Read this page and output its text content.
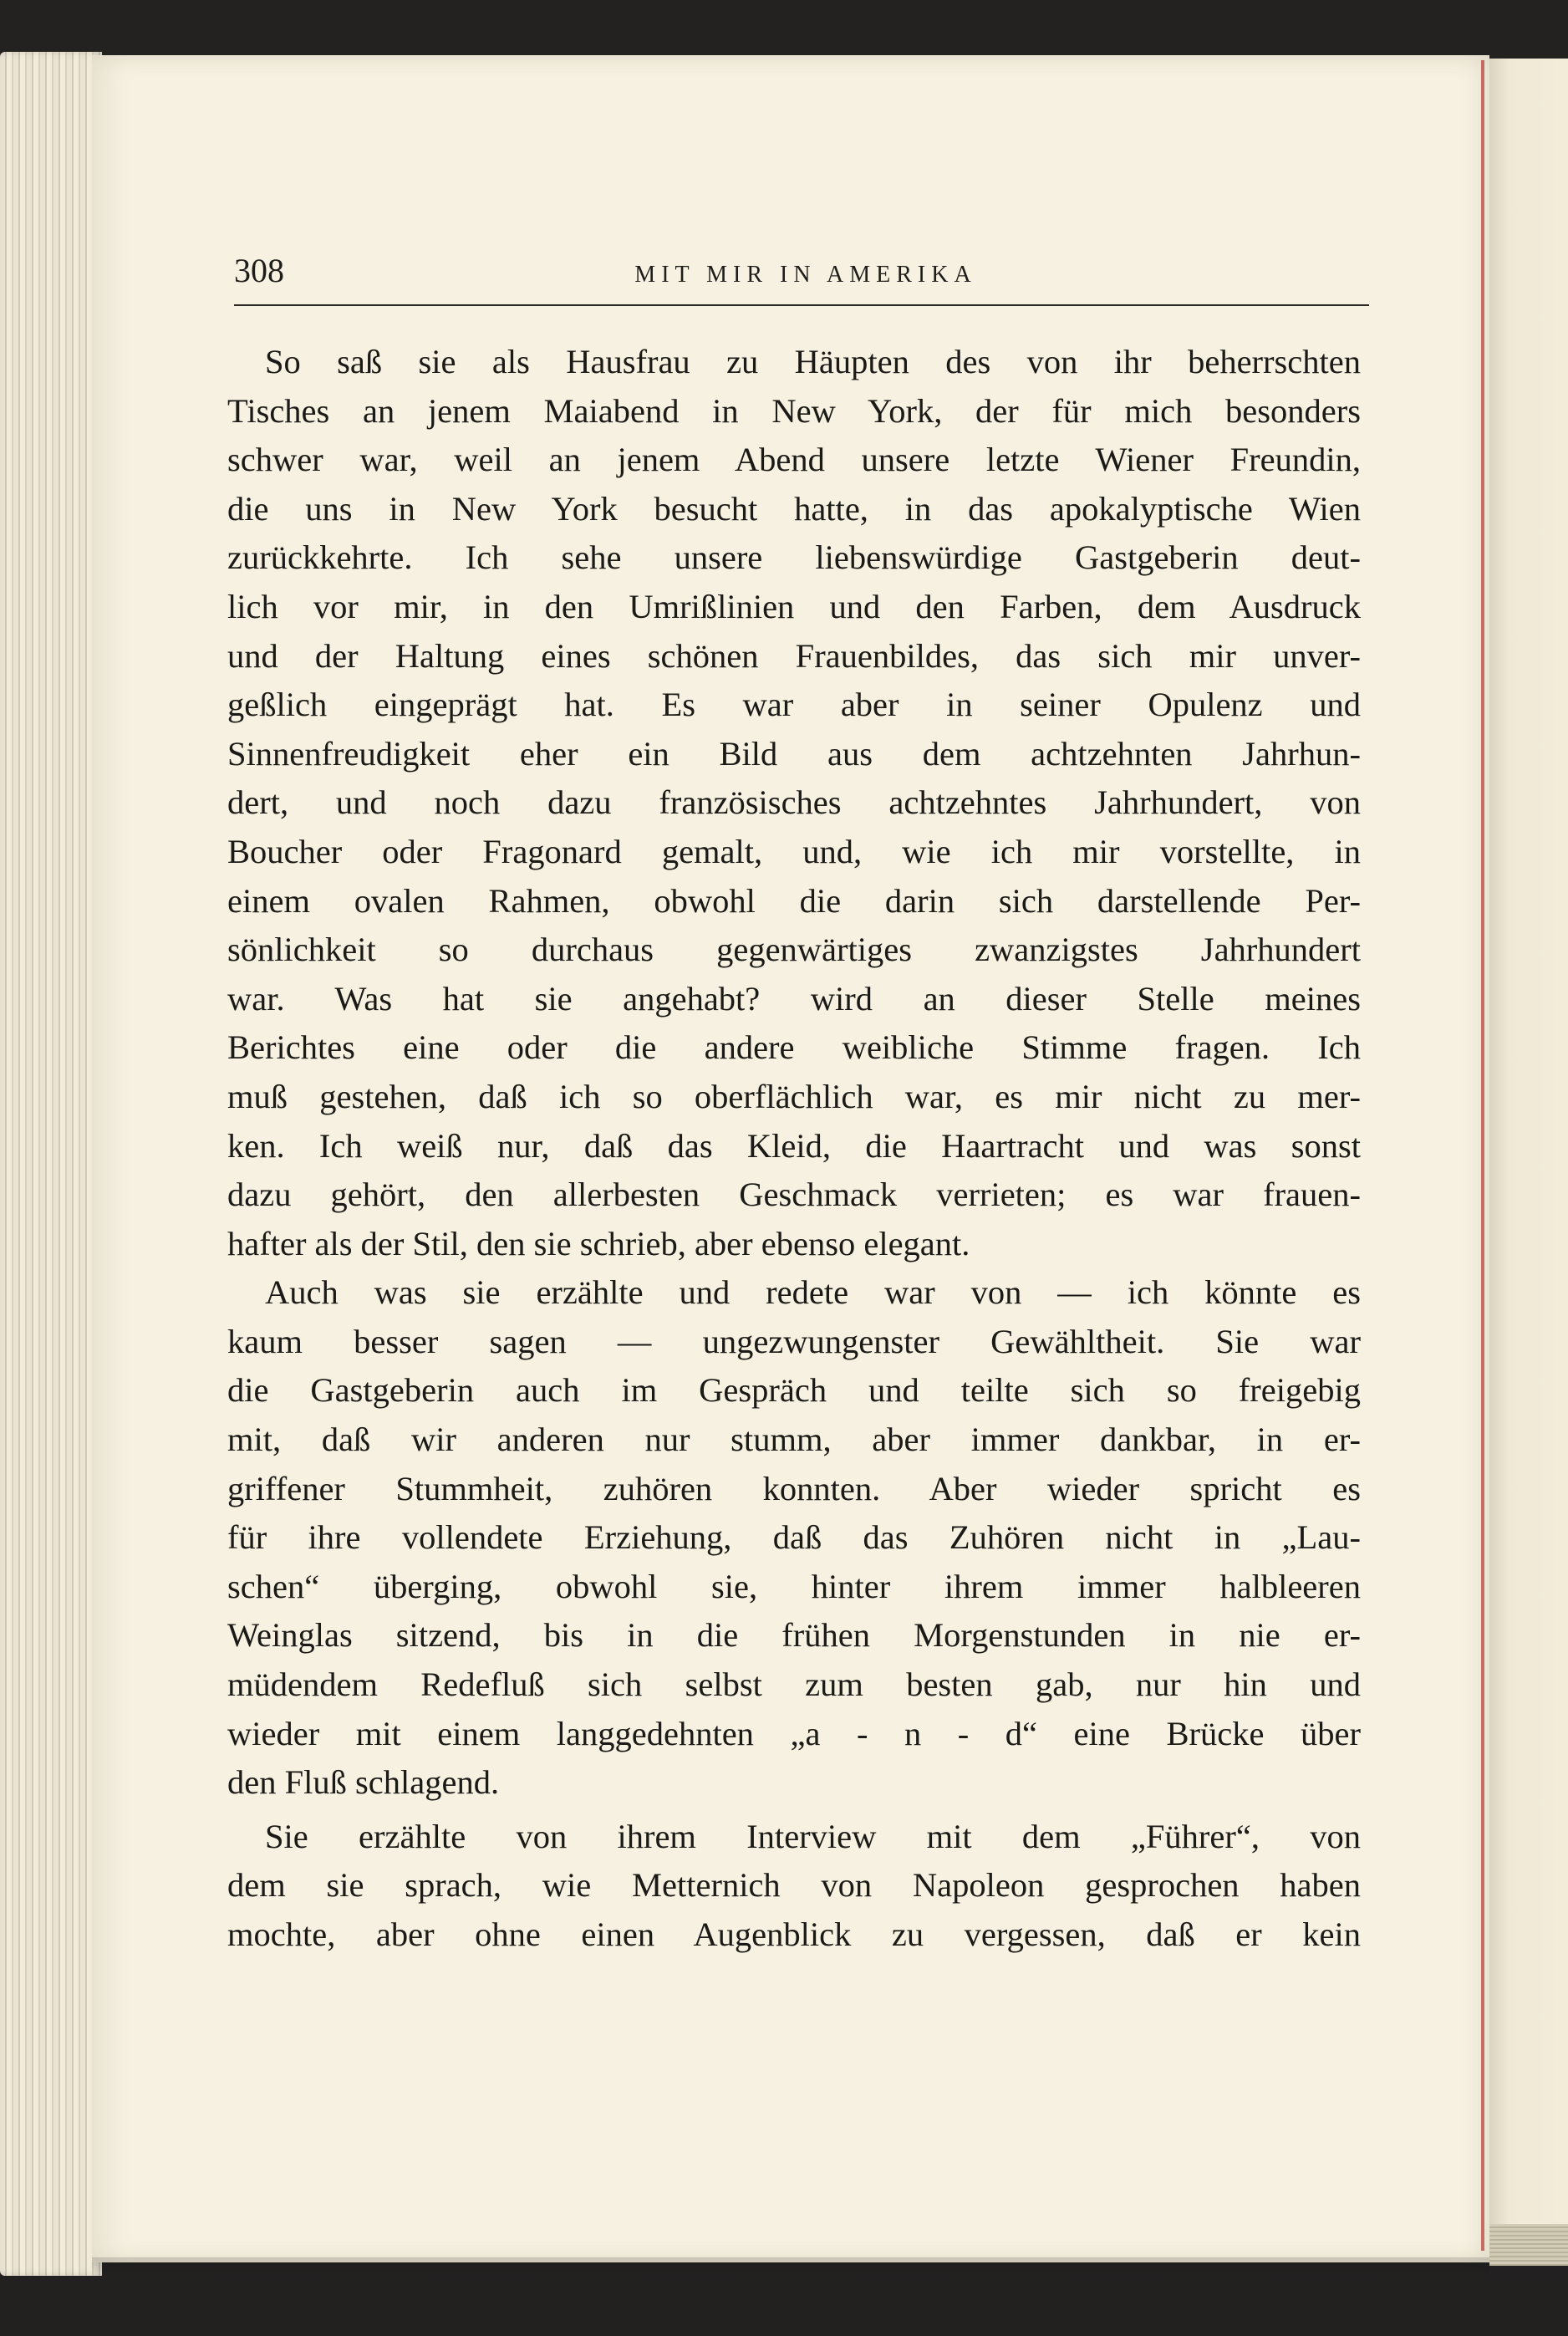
308	MIT MIR IN AMERIKA

So saß sie als Hausfrau zu Häupten des von ihr beherrschten
Tisches an jenem Maiabend in New York, der für mich besonders
schwer war, weil an jenem Abend unsere letzte Wiener Freundin,
die uns in New York besucht hatte, in das apokalyptische Wien
zurückkehrte. Ich sehe unsere liebenswürdige Gastgeberin deut-
lich vor mir, in den Umrißlinien und den Farben, dem Ausdruck
und der Haltung eines schönen Frauenbildes, das sich mir unver-
geßlich eingeprägt hat. Es war aber in seiner Opulenz und
Sinnenfreudigkeit eher ein Bild aus dem achtzehnten Jahrhun-
dert, und noch dazu französisches achtzehntes Jahrhundert, von
Boucher oder Fragonard gemalt, und, wie ich mir vorstellte, in
einem ovalen Rahmen, obwohl die darin sich darstellende Per-
sönlichkeit so durchaus gegenwärtiges zwanzigstes Jahrhundert
war. Was hat sie angehabt? wird an dieser Stelle meines
Berichtes eine oder die andere weibliche Stimme fragen. Ich
muß gestehen, daß ich so oberflächlich war, es mir nicht zu mer-
ken. Ich weiß nur, daß das Kleid, die Haartracht und was sonst
dazu gehört, den allerbesten Geschmack verrieten; es war frauen-
hafter als der Stil, den sie schrieb, aber ebenso elegant.

Auch was sie erzählte und redete war von — ich könnte es
kaum besser sagen — ungezwungenster Gewähltheit. Sie war
die Gastgeberin auch im Gespräch und teilte sich so freigebig
mit, daß wir anderen nur stumm, aber immer dankbar, in er-
griffener Stummheit, zuhören konnten. Aber wieder spricht es
für ihre vollendete Erziehung, daß das Zuhören nicht in „Lau-
schen“ überging, obwohl sie, hinter ihrem immer halbleeren
Weinglas sitzend, bis in die frühen Morgenstunden in nie er-
müdendem Redefluß sich selbst zum besten gab, nur hin und
wieder mit einem langgedehnten „a - n - d“ eine Brücke über
den Fluß schlagend.

Sie erzählte von ihrem Interview mit dem „Führer“, von
dem sie sprach, wie Metternich von Napoleon gesprochen haben
mochte, aber ohne einen Augenblick zu vergessen, daß er kein
